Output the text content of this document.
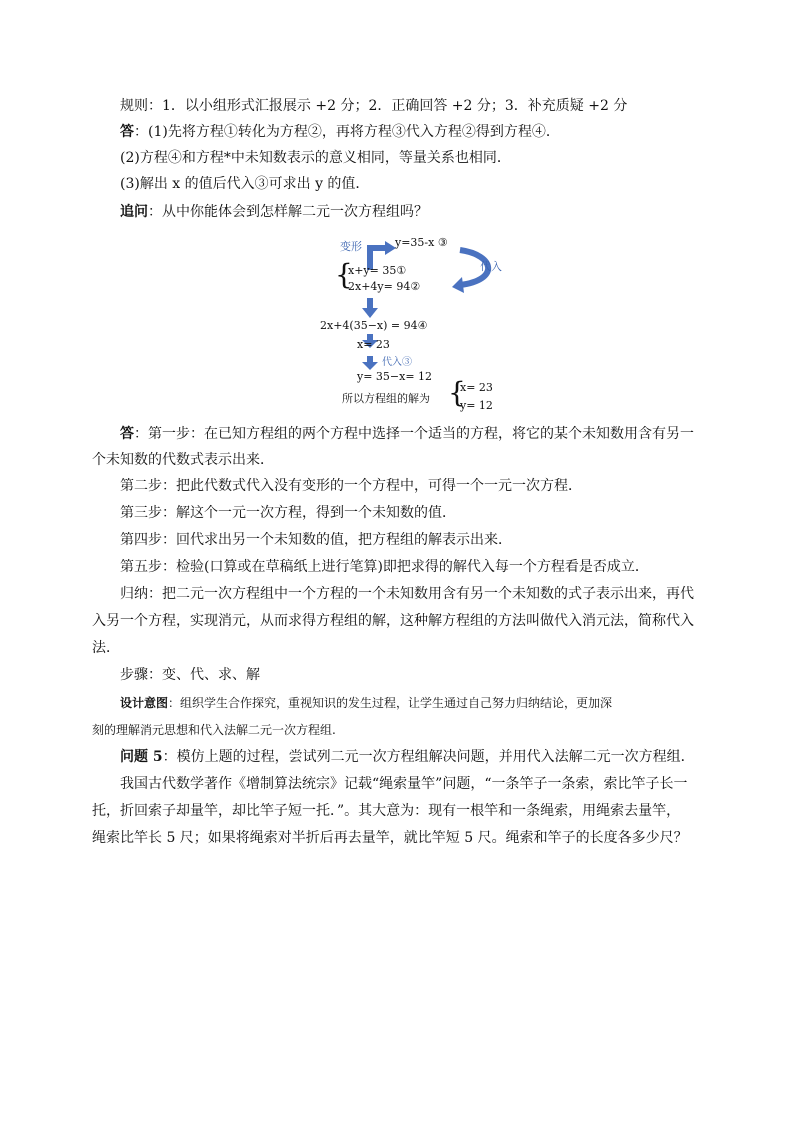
规则：1．以小组形式汇报展示 +2 分；2．正确回答 +2 分；3．补充质疑 +2 分
答：(1)先将方程①转化为方程②，再将方程③代入方程②得到方程④．
(2)方程④和方程*中未知数表示的意义相同，等量关系也相同．
(3)解出 x 的值后代入③可求出 y 的值．
追问：从中你能体会到怎样解二元一次方程组吗？
变形	y=35-x ③
代入
{
x+y= 35①
2x+4y= 94②
2x+4(35−x) = 94④
x= 23
代入③
y= 35−x= 12
所以方程组的解为 {
x= 23
y= 12
答：第一步：在已知方程组的两个方程中选择一个适当的方程，将它的某个未知数用含有另一
个未知数的代数式表示出来．
第二步：把此代数式代入没有变形的一个方程中，可得一个一元一次方程．
第三步：解这个一元一次方程，得到一个未知数的值．
第四步：回代求出另一个未知数的值，把方程组的解表示出来．
第五步：检验(口算或在草稿纸上进行笔算)即把求得的解代入每一个方程看是否成立．
归纳：把二元一次方程组中一个方程的一个未知数用含有另一个未知数的式子表示出来，再代
入另一个方程，实现消元，从而求得方程组的解，这种解方程组的方法叫做代入消元法，简称代入
法．
步骤：变、代、求、解
设计意图：组织学生合作探究，重视知识的发生过程，让学生通过自己努力归纳结论，更加深
刻的理解消元思想和代入法解二元一次方程组.
问题 5：模仿上题的过程，尝试列二元一次方程组解决问题，并用代入法解二元一次方程组．
我国古代数学著作《增制算法统宗》记载“绳索量竿”问题，“一条竿子一条索，索比竿子长一
托，折回索子却量竿，却比竿子短一托．”。其大意为：现有一根竿和一条绳索，用绳索去量竿，
绳索比竿长 5 尺；如果将绳索对半折后再去量竿，就比竿短 5 尺。绳索和竿子的长度各多少尺？
